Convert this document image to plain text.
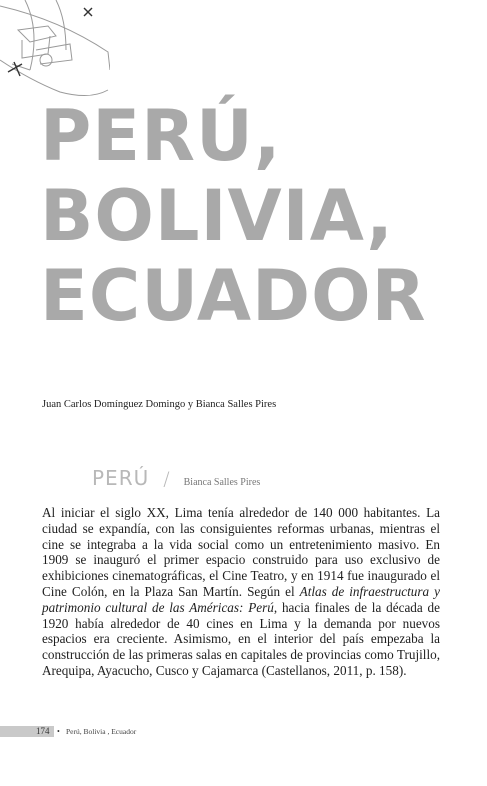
PERÚ,
BOLIVIA,
ECUADOR
Juan Carlos Domínguez Domingo y Bianca Salles Pires
PERÚ / Bianca Salles Pires

Al iniciar el siglo XX, Lima tenía alrededor de 140 000 habitantes. La ciudad se expandía, con las consiguientes reformas urbanas, mientras el cine se integraba a la vida social como un entretenimiento masivo. En 1909 se inauguró el primer espacio construido para uso exclusivo de exhibiciones cinematográficas, el Cine Teatro, y en 1914 fue inaugurado el Cine Colón, en la Plaza San Martín. Según el Atlas de infraestructura y patrimonio cultural de las Américas: Perú, hacia finales de la década de 1920 había alrededor de 40 cines en Lima y la demanda por nuevos espacios era creciente. Asimismo, en el interior del país empezaba la construcción de las primeras salas en capitales de provincias como Trujillo, Arequipa, Ayacucho, Cusco y Cajamarca (Castellanos, 2011, p. 158).

174 • Perú, Bolivia , Ecuador
